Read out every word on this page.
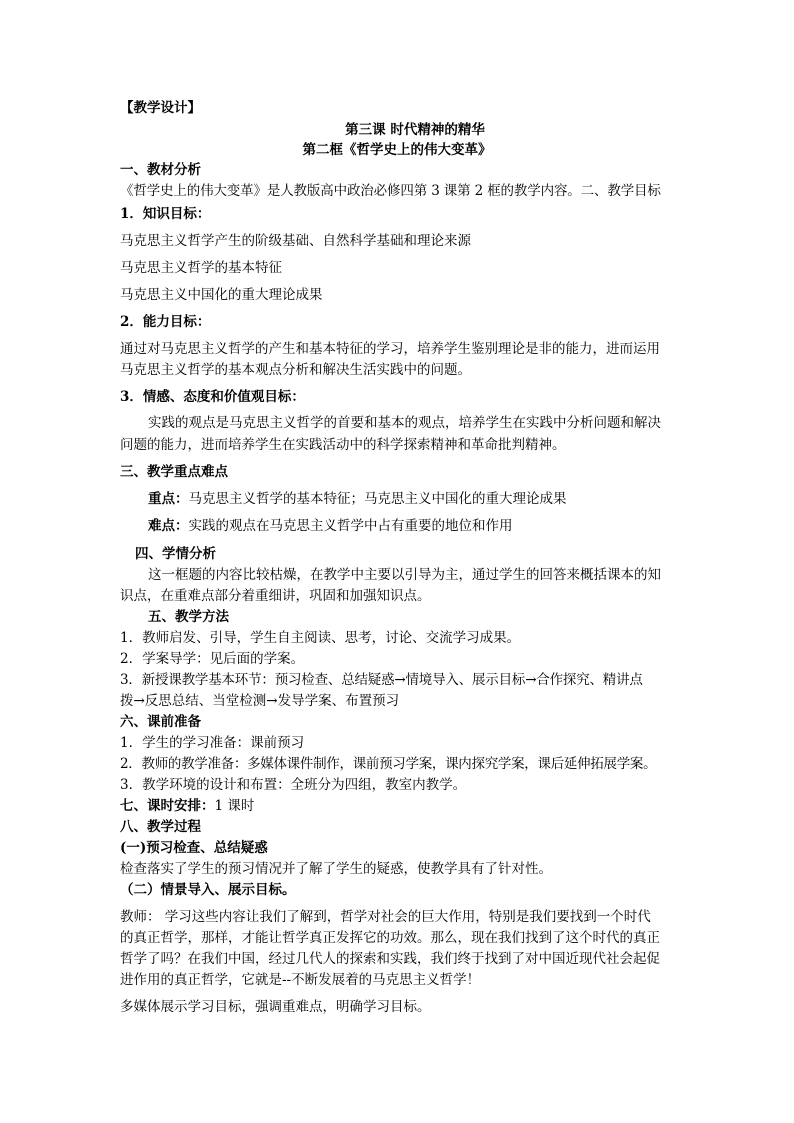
【教学设计】
第三课 时代精神的精华
第二框《哲学史上的伟大变革》
一、教材分析
《哲学史上的伟大变革》是人教版高中政治必修四第 3 课第 2 框的教学内容。二、教学目标
1．知识目标：
马克思主义哲学产生的阶级基础、自然科学基础和理论来源
马克思主义哲学的基本特征
马克思主义中国化的重大理论成果
2．能力目标：
通过对马克思主义哲学的产生和基本特征的学习，培养学生鉴别理论是非的能力，进而运用
马克思主义哲学的基本观点分析和解决生活实践中的问题。
3．情感、态度和价值观目标：
实践的观点是马克思主义哲学的首要和基本的观点，培养学生在实践中分析问题和解决
问题的能力，进而培养学生在实践活动中的科学探索精神和革命批判精神。
三、教学重点难点
重点：马克思主义哲学的基本特征；马克思主义中国化的重大理论成果
难点：实践的观点在马克思主义哲学中占有重要的地位和作用
四、学情分析
这一框题的内容比较枯燥，在教学中主要以引导为主，通过学生的回答来概括课本的知
识点，在重难点部分着重细讲，巩固和加强知识点。
五、教学方法
1．教师启发、引导，学生自主阅读、思考，讨论、交流学习成果。
2．学案导学：见后面的学案。
3．新授课教学基本环节：预习检查、总结疑惑→情境导入、展示目标→合作探究、精讲点
拨→反思总结、当堂检测→发导学案、布置预习
六、课前准备
1．学生的学习准备：课前预习
2．教师的教学准备：多媒体课件制作，课前预习学案，课内探究学案，课后延伸拓展学案。
3．教学环境的设计和布置：全班分为四组，教室内教学。
七、课时安排：1 课时
八、教学过程
(一)预习检查、总结疑惑
检查落实了学生的预习情况并了解了学生的疑惑，使教学具有了针对性。
（二）情景导入、展示目标。
教师： 学习这些内容让我们了解到，哲学对社会的巨大作用，特别是我们要找到一个时代
的真正哲学，那样，才能让哲学真正发挥它的功效。那么，现在我们找到了这个时代的真正
哲学了吗？在我们中国，经过几代人的探索和实践，我们终于找到了对中国近现代社会起促
进作用的真正哲学，它就是--不断发展着的马克思主义哲学！
多媒体展示学习目标，强调重难点，明确学习目标。
